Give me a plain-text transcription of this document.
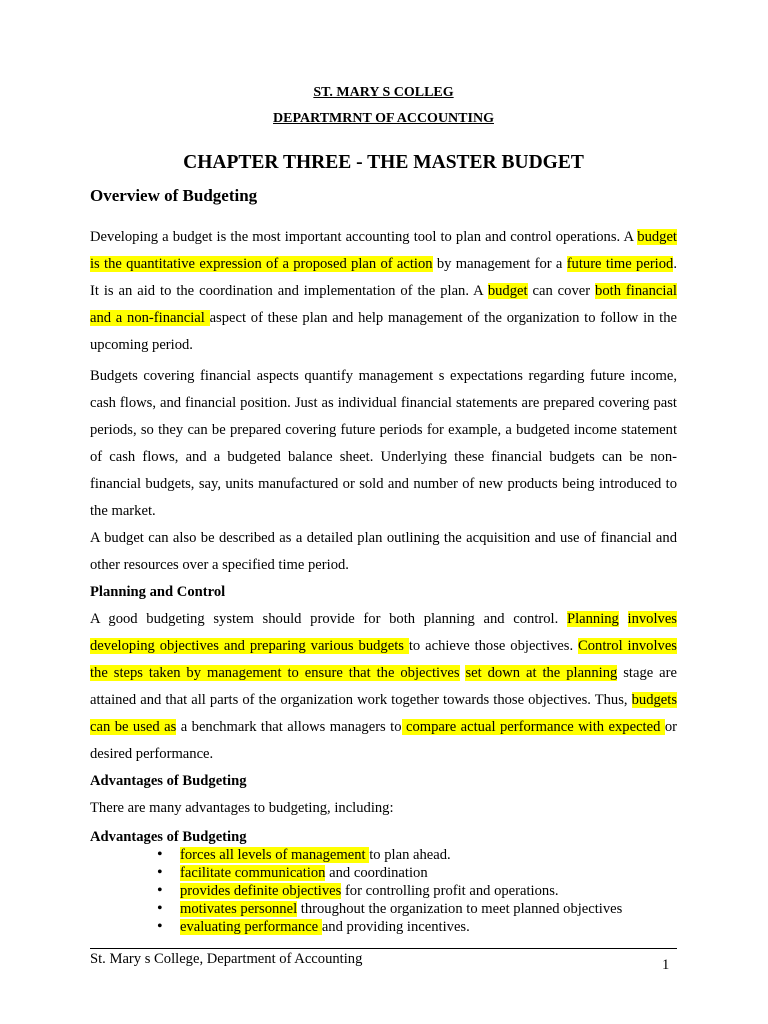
ST. MARY S COLLEG
DEPARTMRNT OF ACCOUNTING
CHAPTER THREE - THE MASTER BUDGET
Overview of Budgeting

Developing a budget is the most important accounting tool to plan and control operations. A budget is the quantitative expression of a proposed plan of action by management for a future time period. It is an aid to the coordination and implementation of the plan. A budget can cover both financial and a non-financial aspect of these plan and help management of the organization to follow in the upcoming period.

Budgets covering financial aspects quantify management s expectations regarding future income, cash flows, and financial position. Just as individual financial statements are prepared covering past periods, so they can be prepared covering future periods for example, a budgeted income statement of cash flows, and a budgeted balance sheet. Underlying these financial budgets can be non-financial budgets, say, units manufactured or sold and number of new products being introduced to the market.

A budget can also be described as a detailed plan outlining the acquisition and use of financial and other resources over a specified time period.

Planning and Control

A good budgeting system should provide for both planning and control. Planning involves developing objectives and preparing various budgets to achieve those objectives. Control involves the steps taken by management to ensure that the objectives set down at the planning stage are attained and that all parts of the organization work together towards those objectives. Thus, budgets can be used as a benchmark that allows managers to compare actual performance with expected or desired performance.

Advantages of Budgeting
There are many advantages to budgeting, including:
Advantages of Budgeting
• forces all levels of management to plan ahead.
• facilitate communication and coordination
• provides definite objectives for controlling profit and operations.
• motivates personnel throughout the organization to meet planned objectives
• evaluating performance and providing incentives.
St. Mary s College, Department of Accounting	1
